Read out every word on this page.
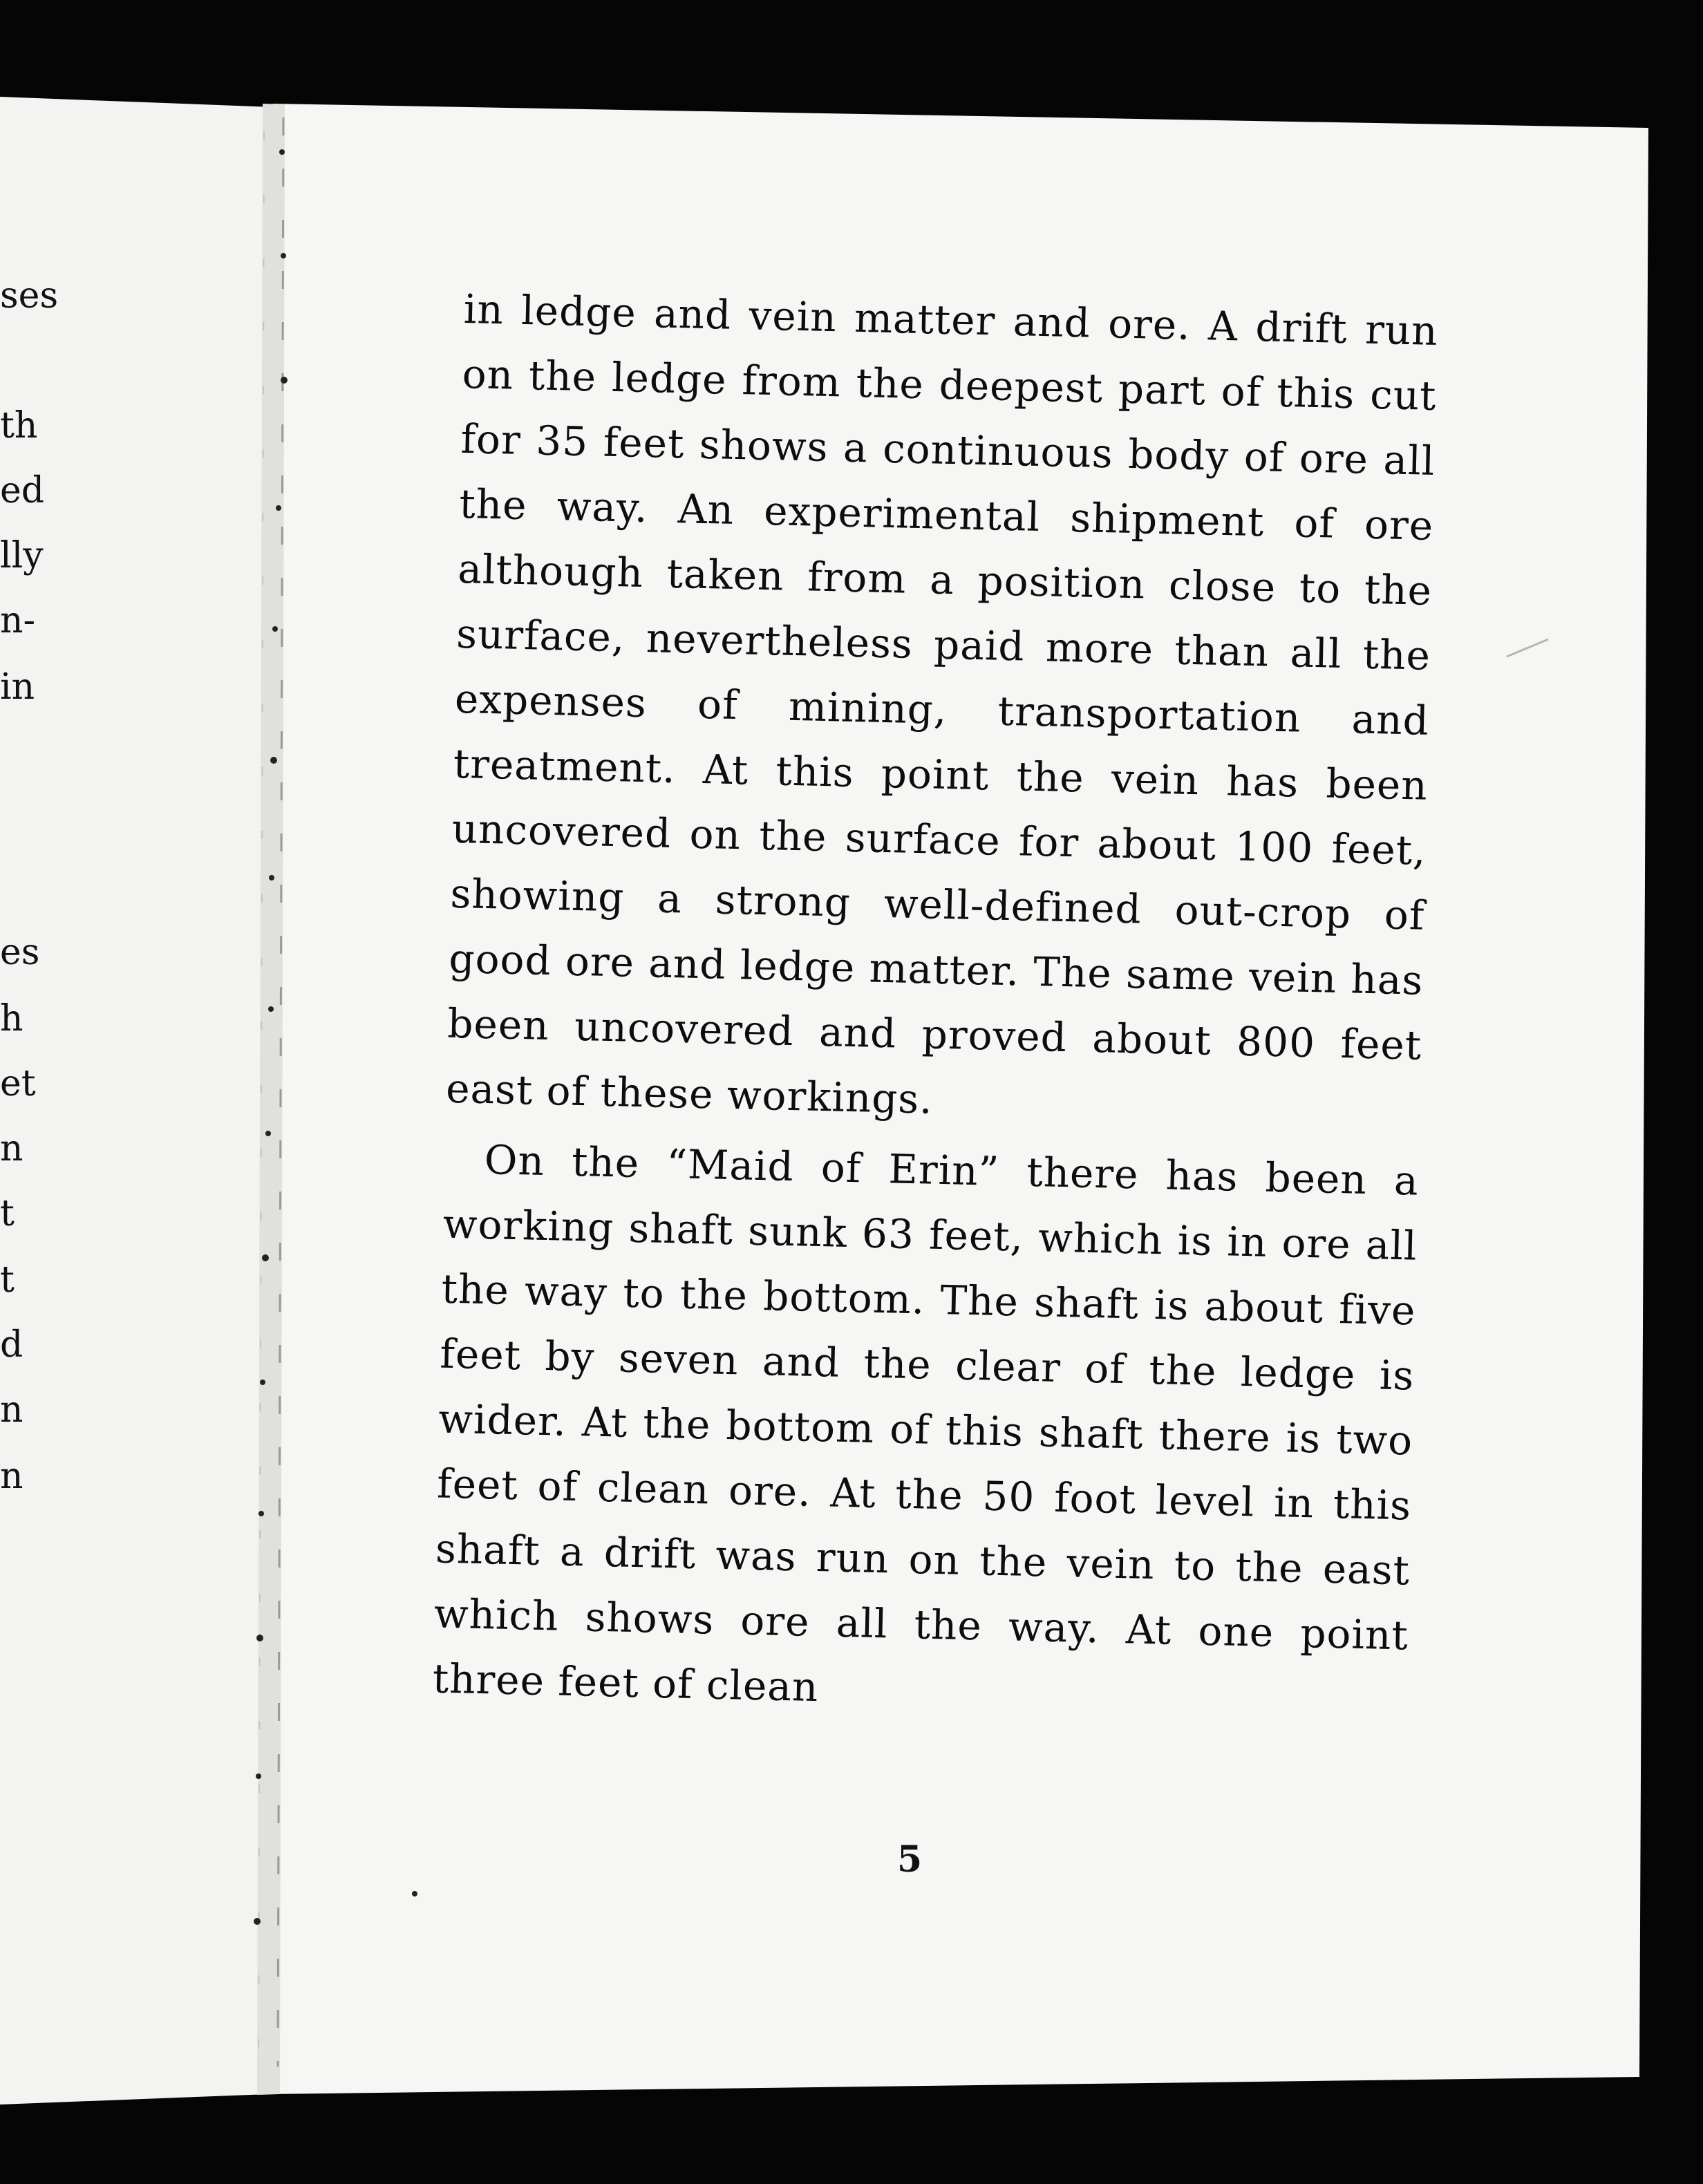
ses

th

ed

lly

n-

in

es

h

et

n

t

t

d

n

n

in ledge and vein matter and ore. A drift run on the ledge from the deepest part of this cut for 35 feet shows a continuous body of ore all the way. An experimental shipment of ore although taken from a position close to the surface, nevertheless paid more than all the expenses of mining, transportation and treatment. At this point the vein has been uncovered on the surface for about 100 feet, showing a strong well-defined out-crop of good ore and ledge matter. The same vein has been uncovered and proved about 800 feet east of these workings.

On the “Maid of Erin” there has been a working shaft sunk 63 feet, which is in ore all the way to the bottom. The shaft is about five feet by seven and the clear of the ledge is wider. At the bottom of this shaft there is two feet of clean ore. At the 50 foot level in this shaft a drift was run on the vein to the east which shows ore all the way. At one point three feet of clean

5
